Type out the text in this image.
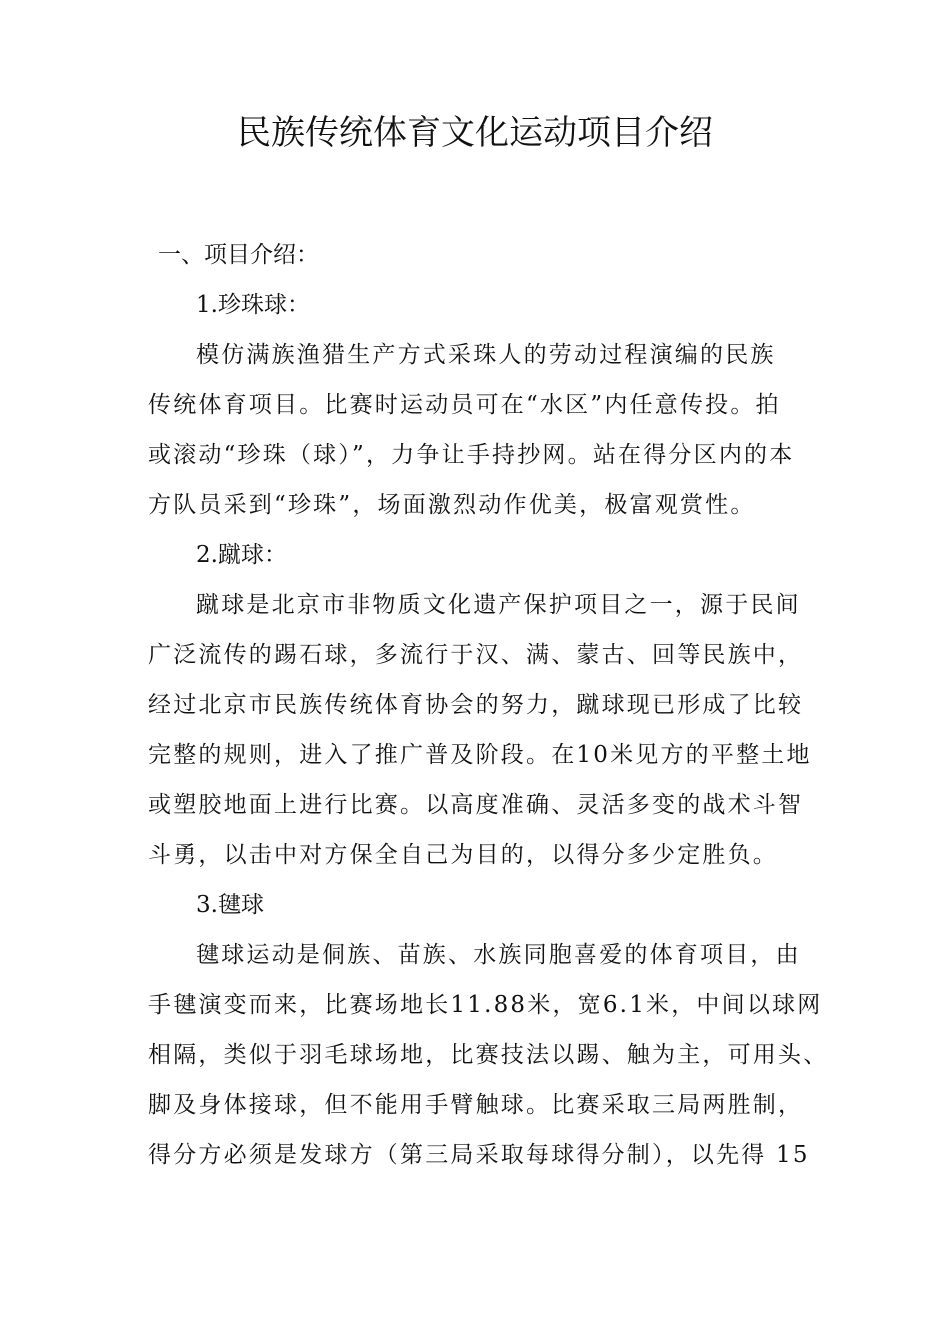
民族传统体育文化运动项目介绍
一、项目介绍：
1.珍珠球：
模仿满族渔猎生产方式采珠人的劳动过程演编的民族
传统体育项目。比赛时运动员可在“水区”内任意传投。拍
或滚动“珍珠（球）”，力争让手持抄网。站在得分区内的本
方队员采到“珍珠”，场面激烈动作优美，极富观赏性。
2.蹴球：
蹴球是北京市非物质文化遗产保护项目之一，源于民间
广泛流传的踢石球，多流行于汉、满、蒙古、回等民族中，
经过北京市民族传统体育协会的努力，蹴球现已形成了比较
完整的规则，进入了推广普及阶段。在10米见方的平整土地
或塑胶地面上进行比赛。以高度准确、灵活多变的战术斗智
斗勇，以击中对方保全自己为目的，以得分多少定胜负。
3.毽球
毽球运动是侗族、苗族、水族同胞喜爱的体育项目，由
手毽演变而来，比赛场地长11.88米，宽6.1米，中间以球网
相隔，类似于羽毛球场地，比赛技法以踢、触为主，可用头、
脚及身体接球，但不能用手臂触球。比赛采取三局两胜制，
得分方必须是发球方（第三局采取每球得分制），以先得 15
